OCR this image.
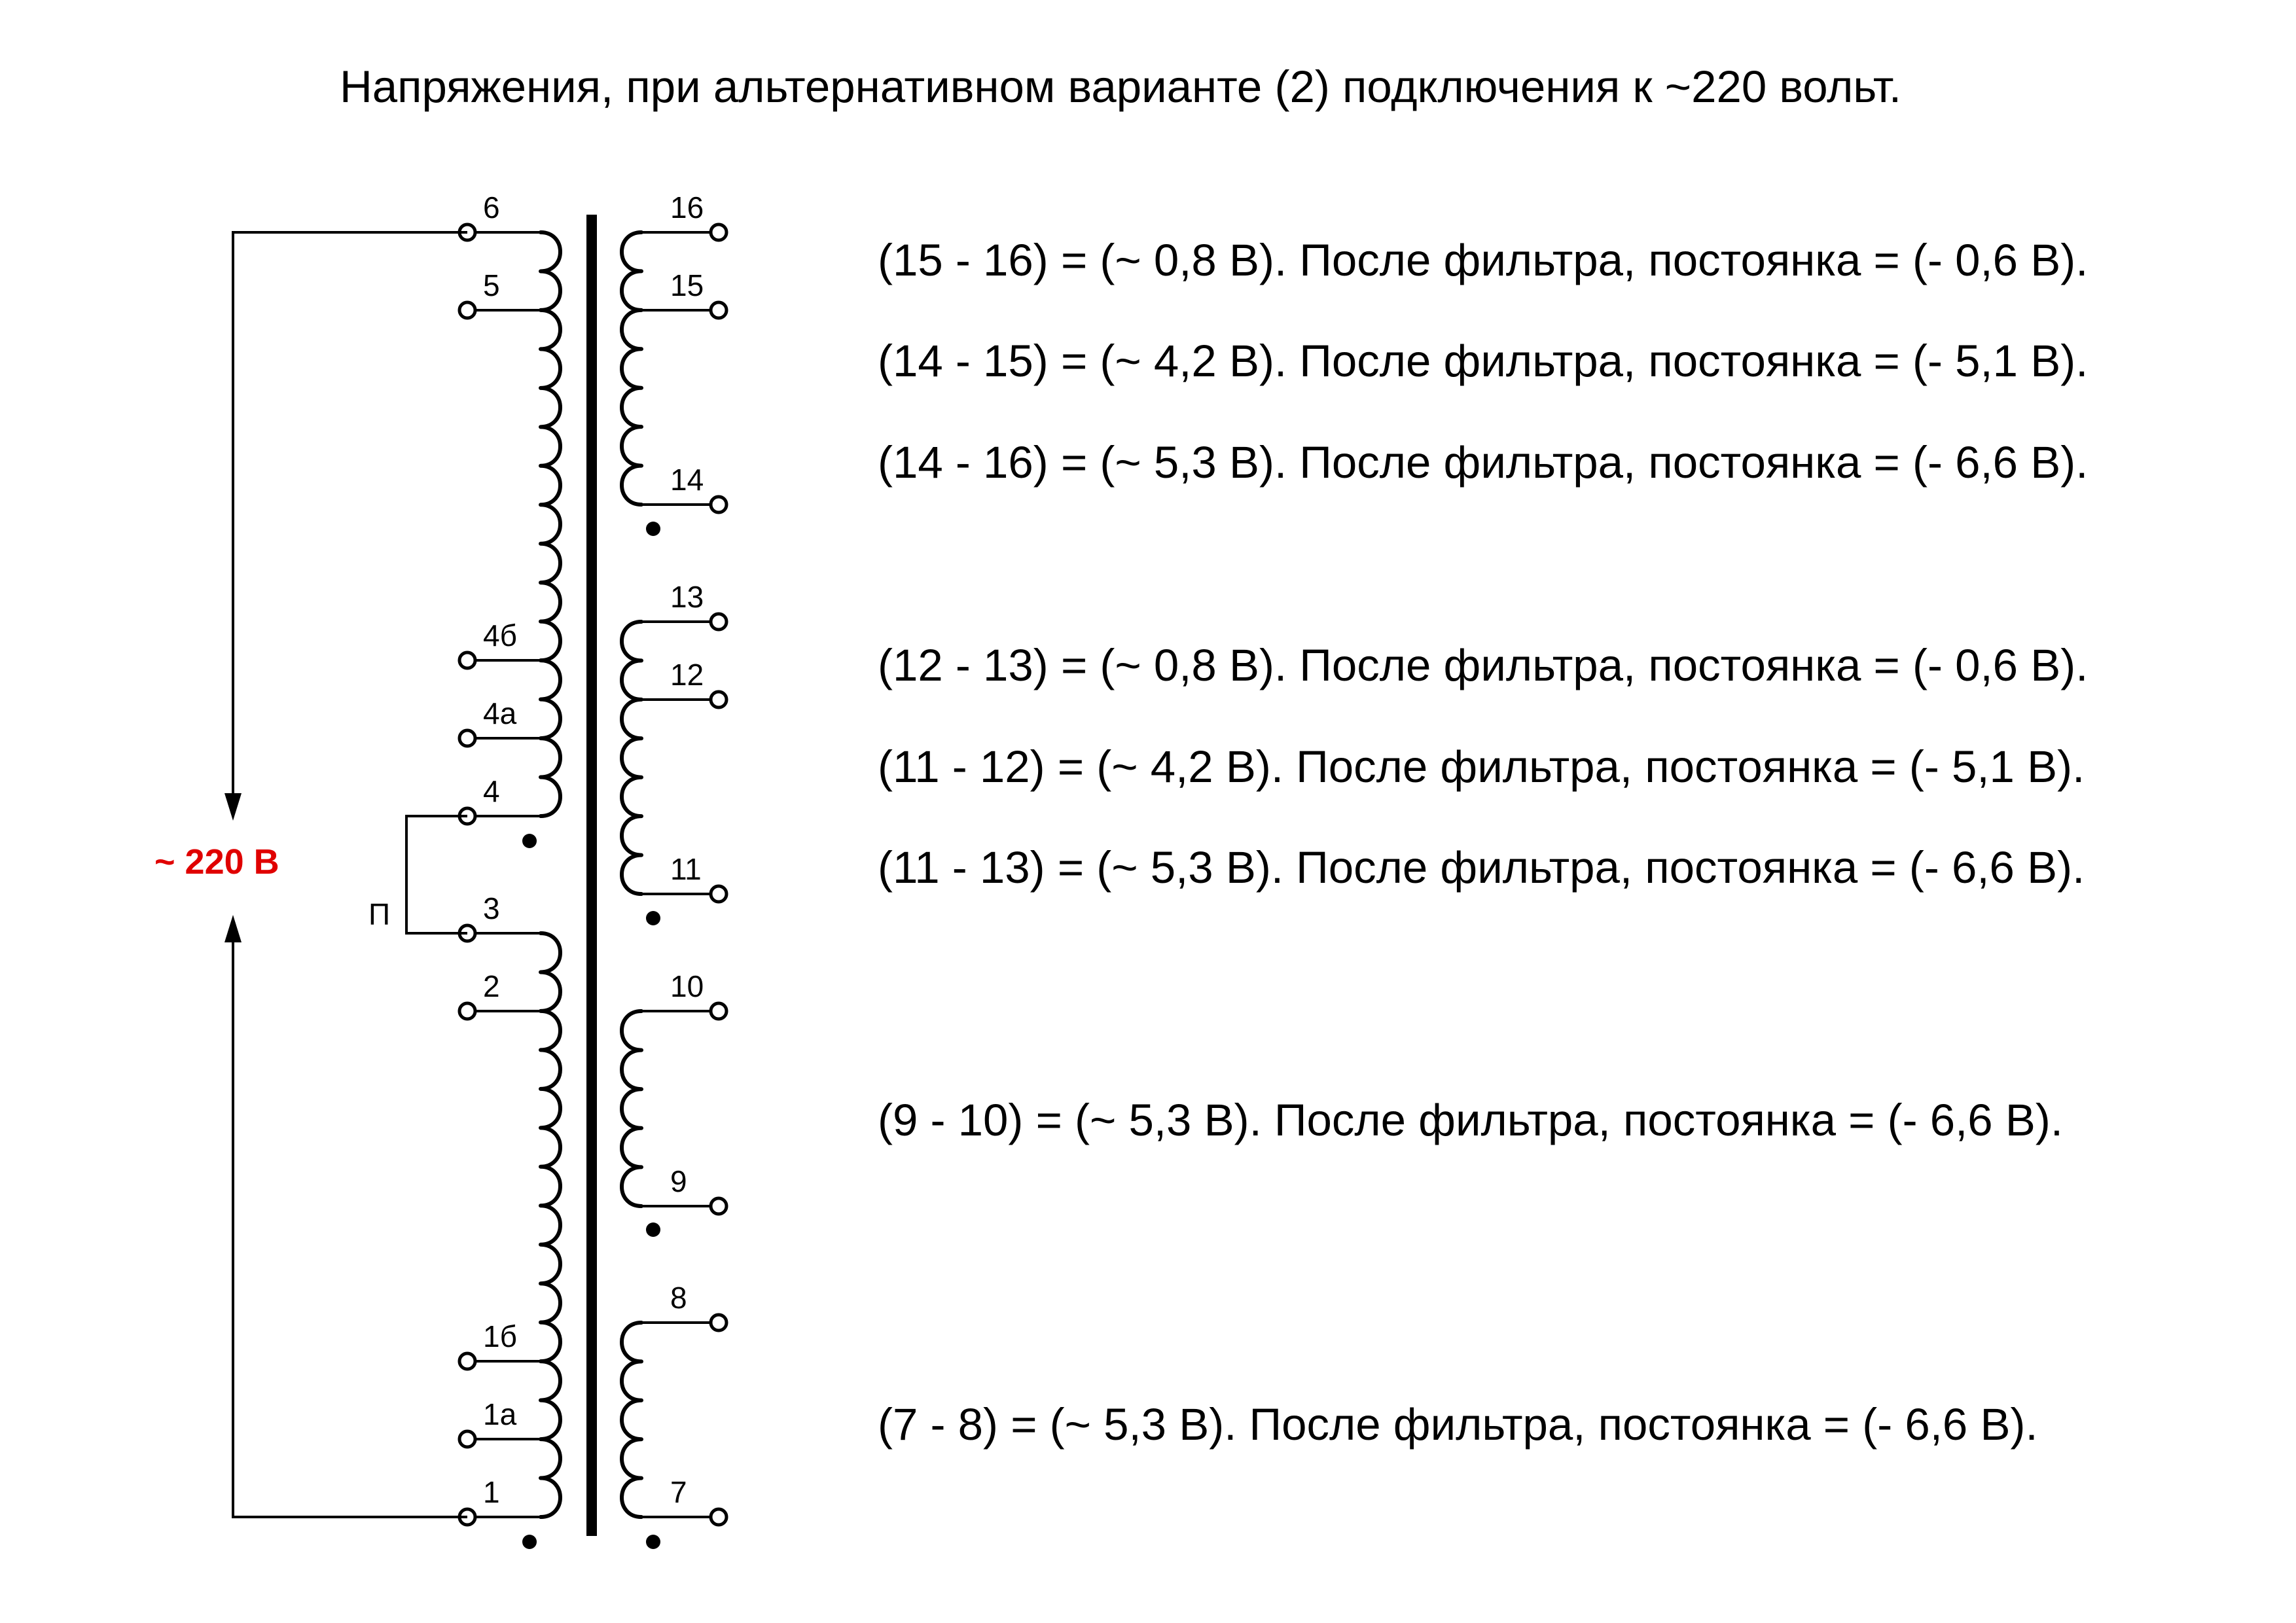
Напряжения, при альтернативном варианте (2) подключения к ~220 вольт.
6
5
4б
4а
4
3
2
1б
1а
1
16
15
14
13
12
11
10
9
8
7
~ 220 В
П
(15 - 16) = (~ 0,8 В). После фильтра, постоянка = (- 0,6 В).
(14 - 15) = (~ 4,2 В). После фильтра, постоянка = (- 5,1 В).
(14 - 16) = (~ 5,3 В). После фильтра, постоянка = (- 6,6 В).
(12 - 13) = (~ 0,8 В). После фильтра, постоянка = (- 0,6 В).
(11 - 12) = (~ 4,2 В). После фильтра, постоянка = (- 5,1 В).
(11 - 13) = (~ 5,3 В). После фильтра, постоянка = (- 6,6 В).
(9 - 10) = (~ 5,3 В). После фильтра, постоянка = (- 6,6 В).
(7 - 8) = (~ 5,3 В). После фильтра, постоянка = (- 6,6 В).
